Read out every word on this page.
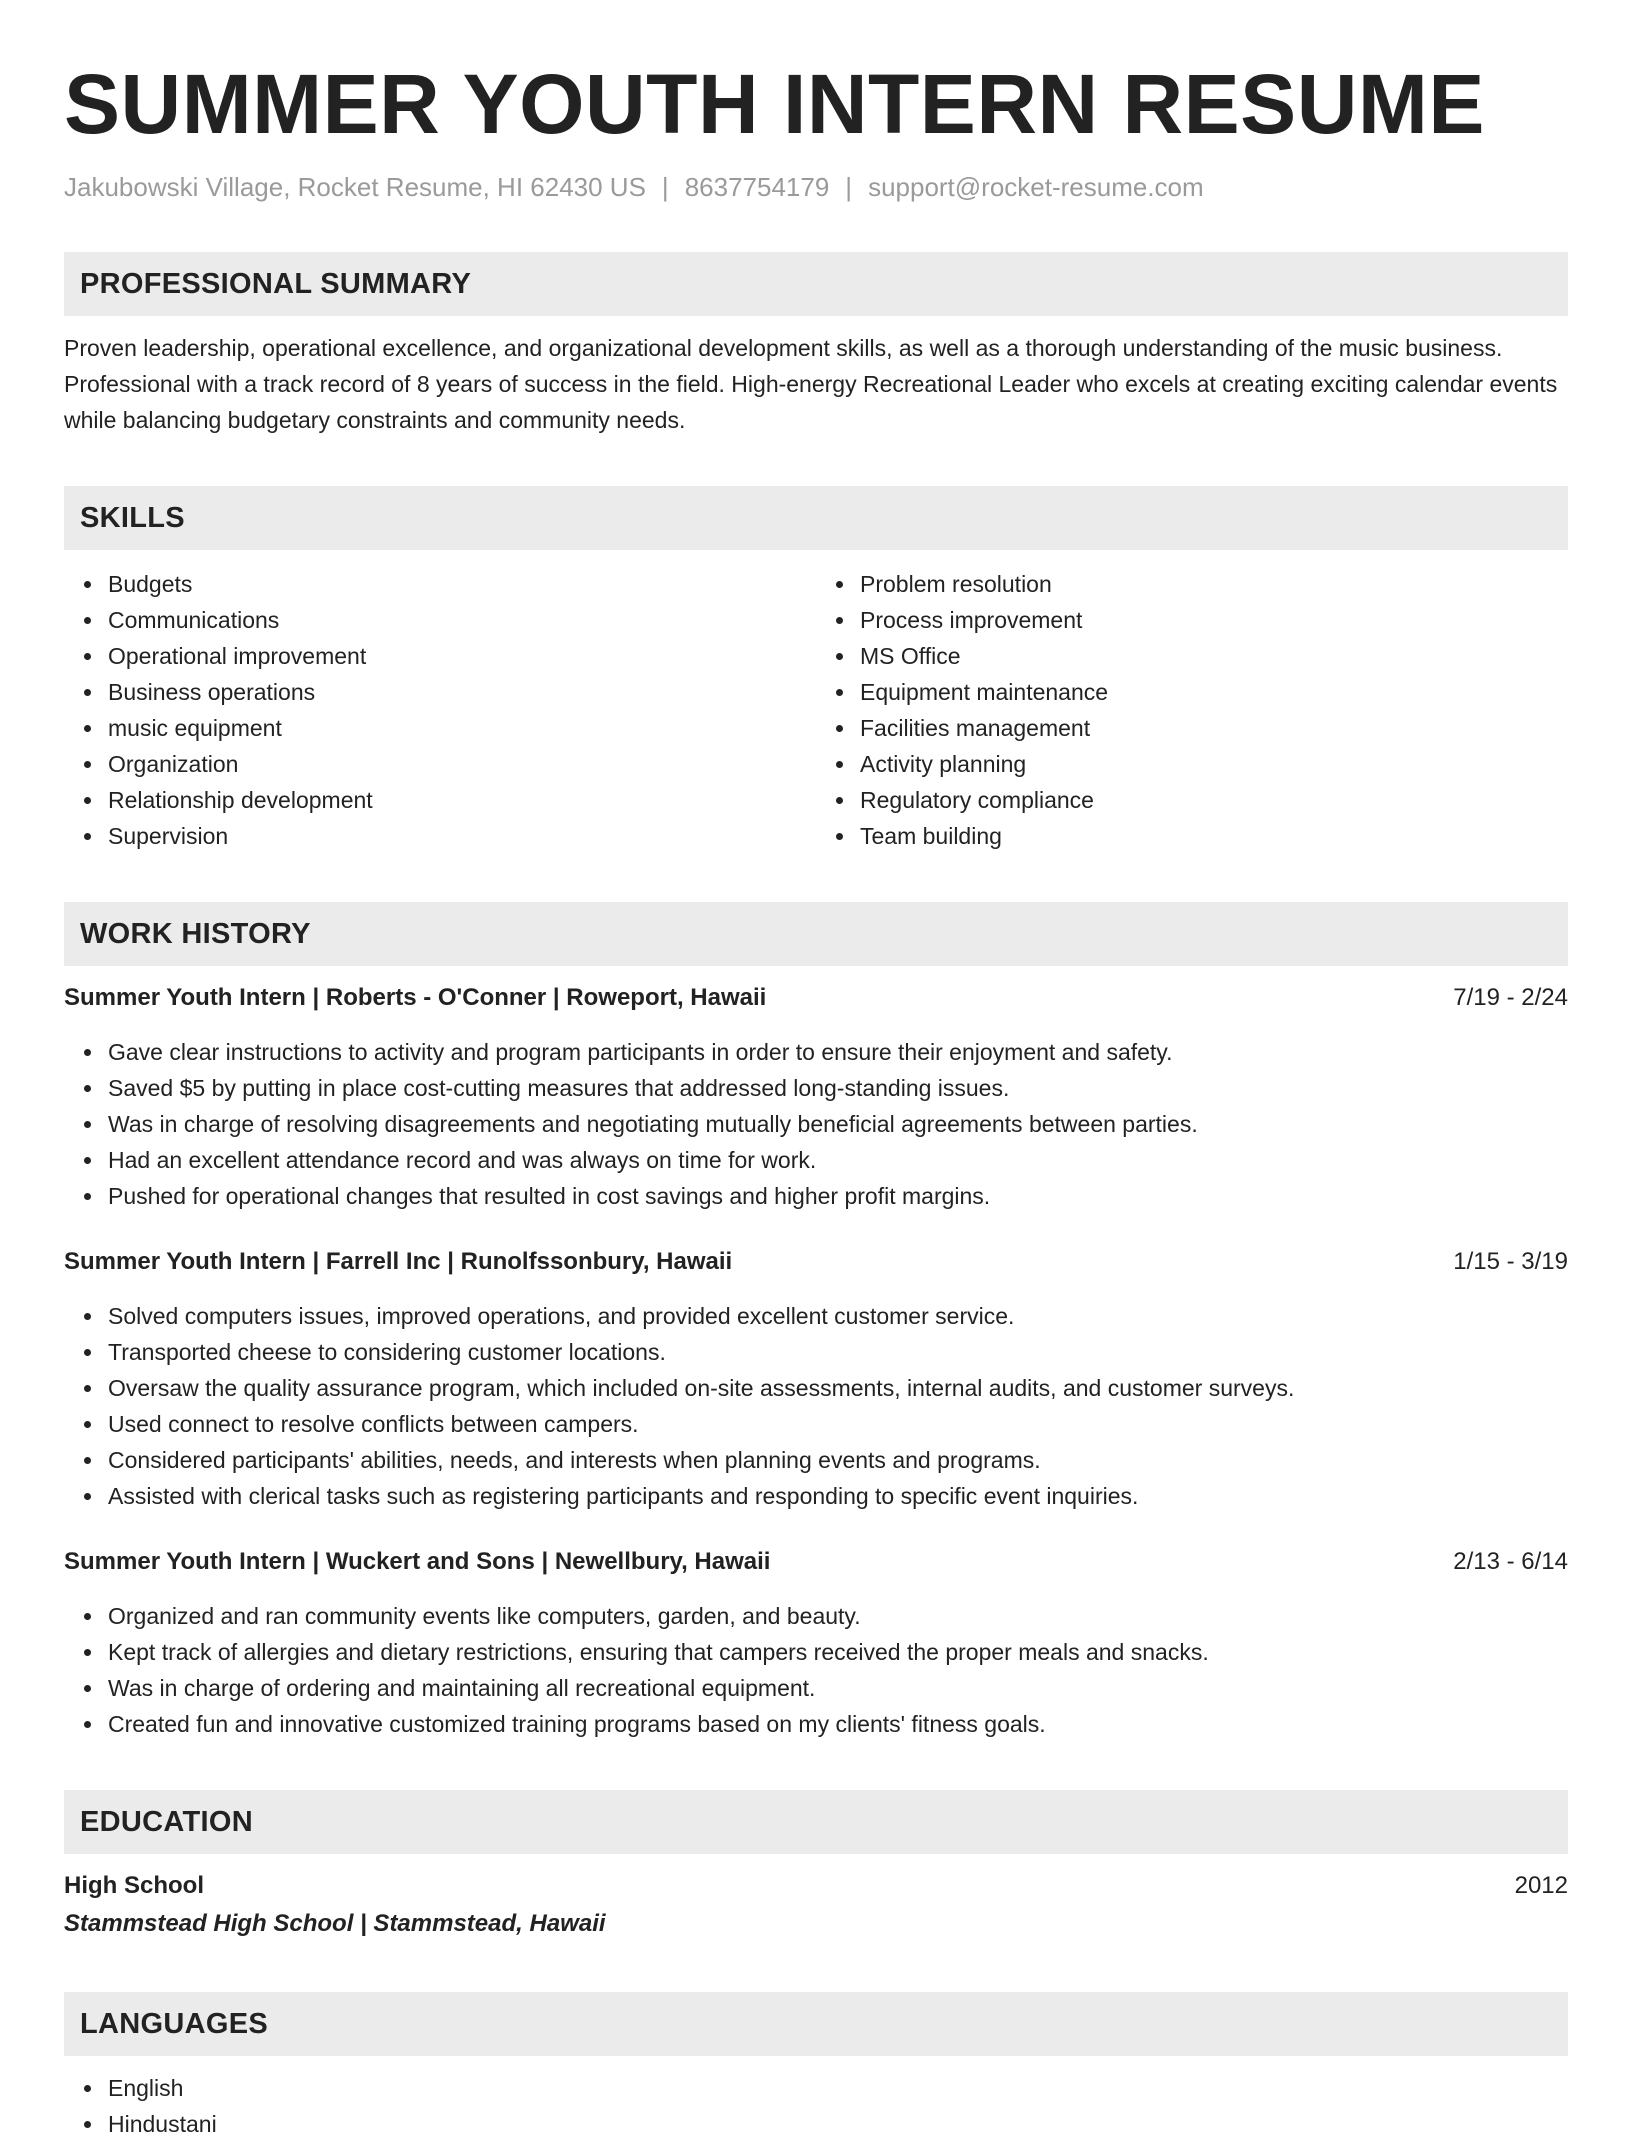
SUMMER YOUTH INTERN RESUME
Jakubowski Village, Rocket Resume, HI 62430 US | 8637754179 | support@rocket-resume.com
PROFESSIONAL SUMMARY
Proven leadership, operational excellence, and organizational development skills, as well as a thorough understanding of the music business. Professional with a track record of 8 years of success in the field. High-energy Recreational Leader who excels at creating exciting calendar events while balancing budgetary constraints and community needs.
SKILLS
Budgets
Communications
Operational improvement
Business operations
music equipment
Organization
Relationship development
Supervision
Problem resolution
Process improvement
MS Office
Equipment maintenance
Facilities management
Activity planning
Regulatory compliance
Team building
WORK HISTORY
Summer Youth Intern | Roberts - O'Conner | Roweport, Hawaii	7/19 - 2/24
Gave clear instructions to activity and program participants in order to ensure their enjoyment and safety.
Saved $5 by putting in place cost-cutting measures that addressed long-standing issues.
Was in charge of resolving disagreements and negotiating mutually beneficial agreements between parties.
Had an excellent attendance record and was always on time for work.
Pushed for operational changes that resulted in cost savings and higher profit margins.
Summer Youth Intern | Farrell Inc | Runolfssonbury, Hawaii	1/15 - 3/19
Solved computers issues, improved operations, and provided excellent customer service.
Transported cheese to considering customer locations.
Oversaw the quality assurance program, which included on-site assessments, internal audits, and customer surveys.
Used connect to resolve conflicts between campers.
Considered participants' abilities, needs, and interests when planning events and programs.
Assisted with clerical tasks such as registering participants and responding to specific event inquiries.
Summer Youth Intern | Wuckert and Sons | Newellbury, Hawaii	2/13 - 6/14
Organized and ran community events like computers, garden, and beauty.
Kept track of allergies and dietary restrictions, ensuring that campers received the proper meals and snacks.
Was in charge of ordering and maintaining all recreational equipment.
Created fun and innovative customized training programs based on my clients' fitness goals.
EDUCATION
High School	2012
Stammstead High School | Stammstead, Hawaii
LANGUAGES
English
Hindustani
